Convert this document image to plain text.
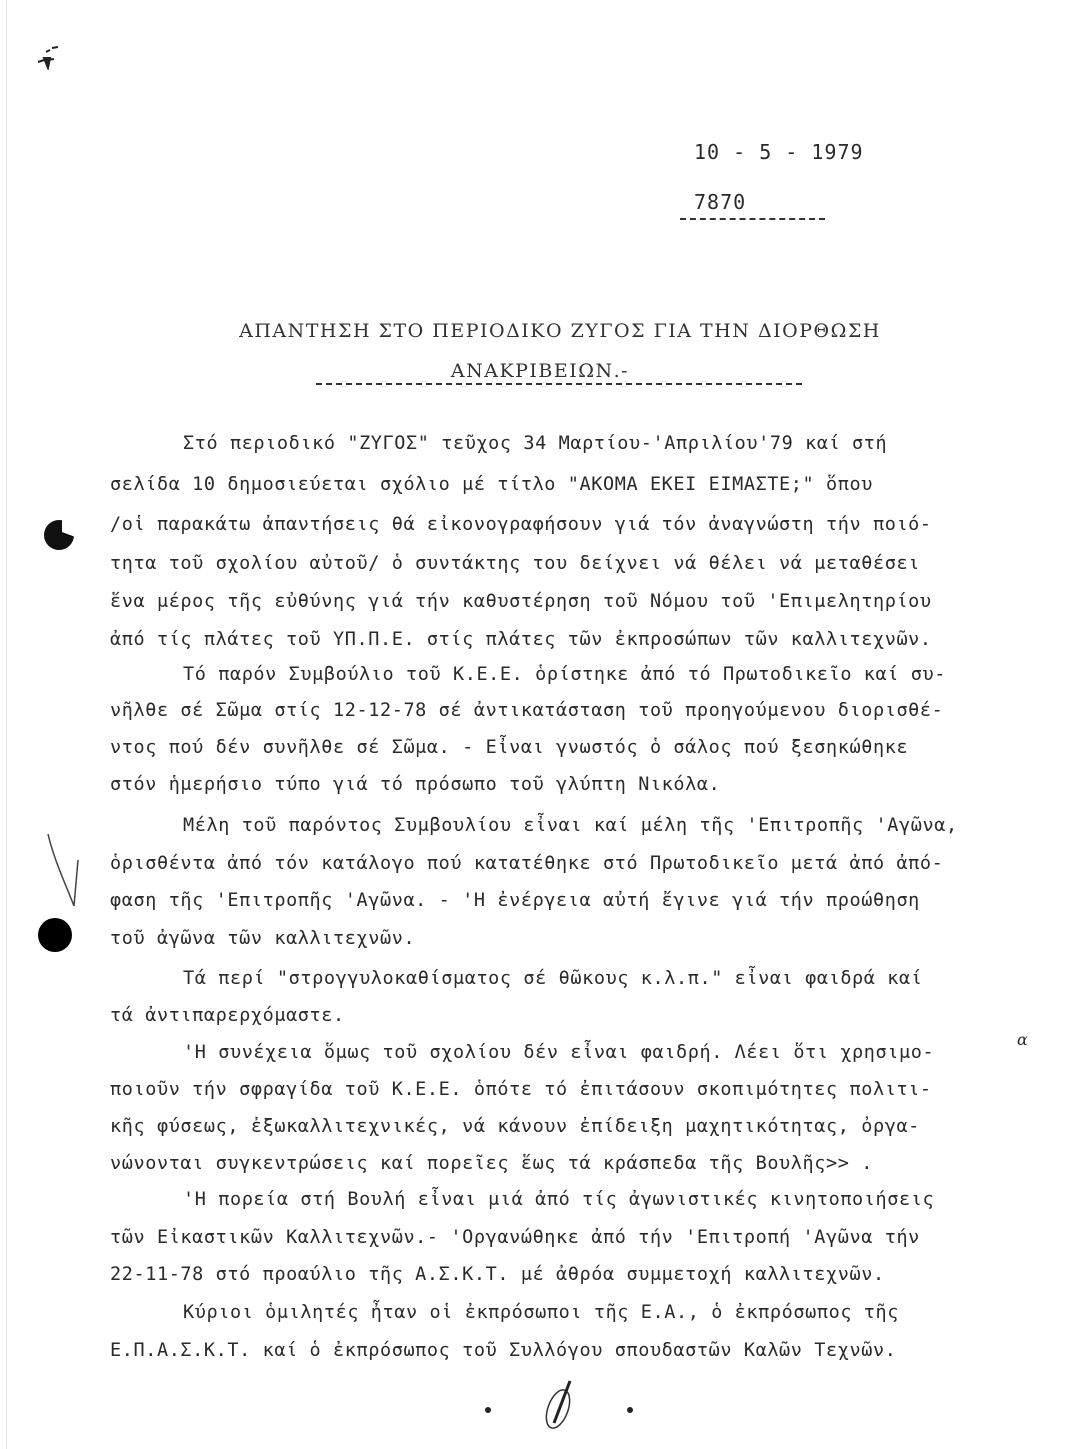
10 - 5 - 1979
7870
ΑΠΑΝΤΗΣΗ ΣΤΟ ΠΕΡΙΟΔΙΚΟ ΖΥΓΟΣ ΓΙΑ ΤΗΝ ΔΙΟΡΘΩΣΗ
ΑΝΑΚΡΙΒΕΙΩΝ.-
Στό περιοδικό "ΖΥΓΟΣ" τεῦχος 34 Μαρτίου-'Απριλίου'79 καί στή
σελίδα 10 δημοσιεύεται σχόλιο μέ τίτλο "ΑΚΟΜΑ ΕΚΕΙ ΕΙΜΑΣΤΕ;" ὅπου
/οἱ παρακάτω ἀπαντήσεις θά εἰκονογραφήσουν γιά τόν ἀναγνώστη τήν ποιό-
τητα τοῦ σχολίου αὐτοῦ/ ὁ συντάκτης του δείχνει νά θέλει νά μεταθέσει
ἕνα μέρος τῆς εὐθύνης γιά τήν καθυστέρηση τοῦ Νόμου τοῦ 'Επιμελητηρίου
ἀπό τίς πλάτες τοῦ ΥΠ.Π.Ε. στίς πλάτες τῶν ἐκπροσώπων τῶν καλλιτεχνῶν.
Τό παρόν Συμβούλιο τοῦ Κ.Ε.Ε. ὁρίστηκε ἀπό τό Πρωτοδικεῖο καί συ-
νῆλθε σέ Σῶμα στίς 12-12-78 σέ ἀντικατάσταση τοῦ προηγούμενου διορισθέ-
ντος πού δέν συνῆλθε σέ Σῶμα. - Εἶναι γνωστός ὁ σάλος πού ξεσηκώθηκε
στόν ἡμερήσιο τύπο γιά τό πρόσωπο τοῦ γλύπτη Νικόλα.
Μέλη τοῦ παρόντος Συμβουλίου εἶναι καί μέλη τῆς 'Επιτροπῆς 'Αγῶνα,
ὁρισθέντα ἀπό τόν κατάλογο πού κατατέθηκε στό Πρωτοδικεῖο μετά ἀπό ἀπό-
φαση τῆς 'Επιτροπῆς 'Αγῶνα. - 'Η ἐνέργεια αὐτή ἔγινε γιά τήν προώθηση
τοῦ ἀγῶνα τῶν καλλιτεχνῶν.
Τά περί "στρογγυλοκαθίσματος σέ θῶκους κ.λ.π." εἶναι φαιδρά καί
τά ἀντιπαρερχόμαστε.
'Η συνέχεια ὅμως τοῦ σχολίου δέν εἶναι φαιδρή. Λέει ὅτι χρησιμο-
ποιοῦν τήν σφραγίδα τοῦ Κ.Ε.Ε. ὁπότε τό ἐπιτάσουν σκοπιμότητες πολιτι-
κῆς φύσεως, ἐξωκαλλιτεχνικές, νά κάνουν ἐπίδειξη μαχητικότητας, ὀργα-
νώνονται συγκεντρώσεις καί πορεῖες ἕως τά κράσπεδα τῆς Βουλῆς>> .
'Η πορεία στή Βουλή εἶναι μιά ἀπό τίς ἀγωνιστικές κινητοποιήσεις
τῶν Εἰκαστικῶν Καλλιτεχνῶν.- 'Οργανώθηκε ἀπό τήν 'Επιτροπή 'Αγῶνα τήν
22-11-78 στό προαύλιο τῆς Α.Σ.Κ.Τ. μέ ἀθρόα συμμετοχή καλλιτεχνῶν.
Κύριοι ὁμιλητές ἦταν οἱ ἐκπρόσωποι τῆς Ε.Α., ὁ ἐκπρόσωπος τῆς
Ε.Π.Α.Σ.Κ.Τ. καί ὁ ἐκπρόσωπος τοῦ Συλλόγου σπουδαστῶν Καλῶν Τεχνῶν.
α
